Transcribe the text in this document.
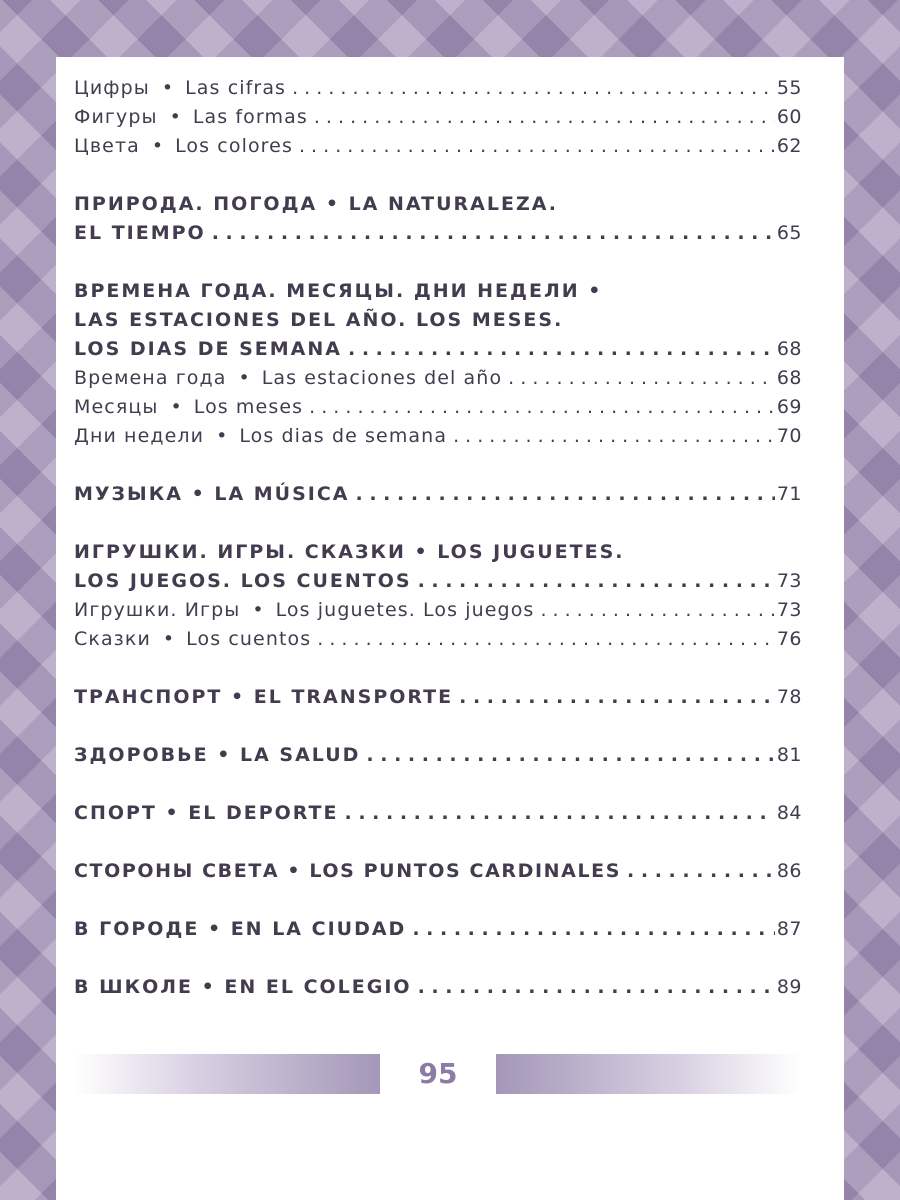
Цифры • Las cifras . . .	55
Фигуры • Las formas . . .	60
Цвета • Los colores . . .	62
ПРИРОДА. ПОГОДА • LA NATURALEZA.
EL TIEMPO . . .	65
ВРЕМЕНА ГОДА. МЕСЯЦЫ. ДНИ НЕДЕЛИ •
LAS ESTACIONES DEL AÑO. LOS MESES.
LOS DIAS DE SEMANA . . .	68
Времена года • Las estaciones del año . . .	68
Месяцы • Los meses . . .	69
Дни недели • Los dias de semana . . .	70
МУЗЫКА • LA MÚSICA . . .	71
ИГРУШКИ. ИГРЫ. СКАЗКИ • LOS JUGUETES.
LOS JUEGOS. LOS CUENTOS . . .	73
Игрушки. Игры • Los juguetes. Los juegos . . .	73
Сказки • Los cuentos . . .	76
ТРАНСПОРТ • EL TRANSPORTE . . .	78
ЗДОРОВЬЕ • LA SALUD . . .	81
СПОРТ • EL DEPORTE . . .	84
СТОРОНЫ СВЕТА • LOS PUNTOS CARDINALES . . .	86
В ГОРОДЕ • EN LA CIUDAD . . .	87
В ШКОЛЕ • EN EL COLEGIO . . .	89
95
